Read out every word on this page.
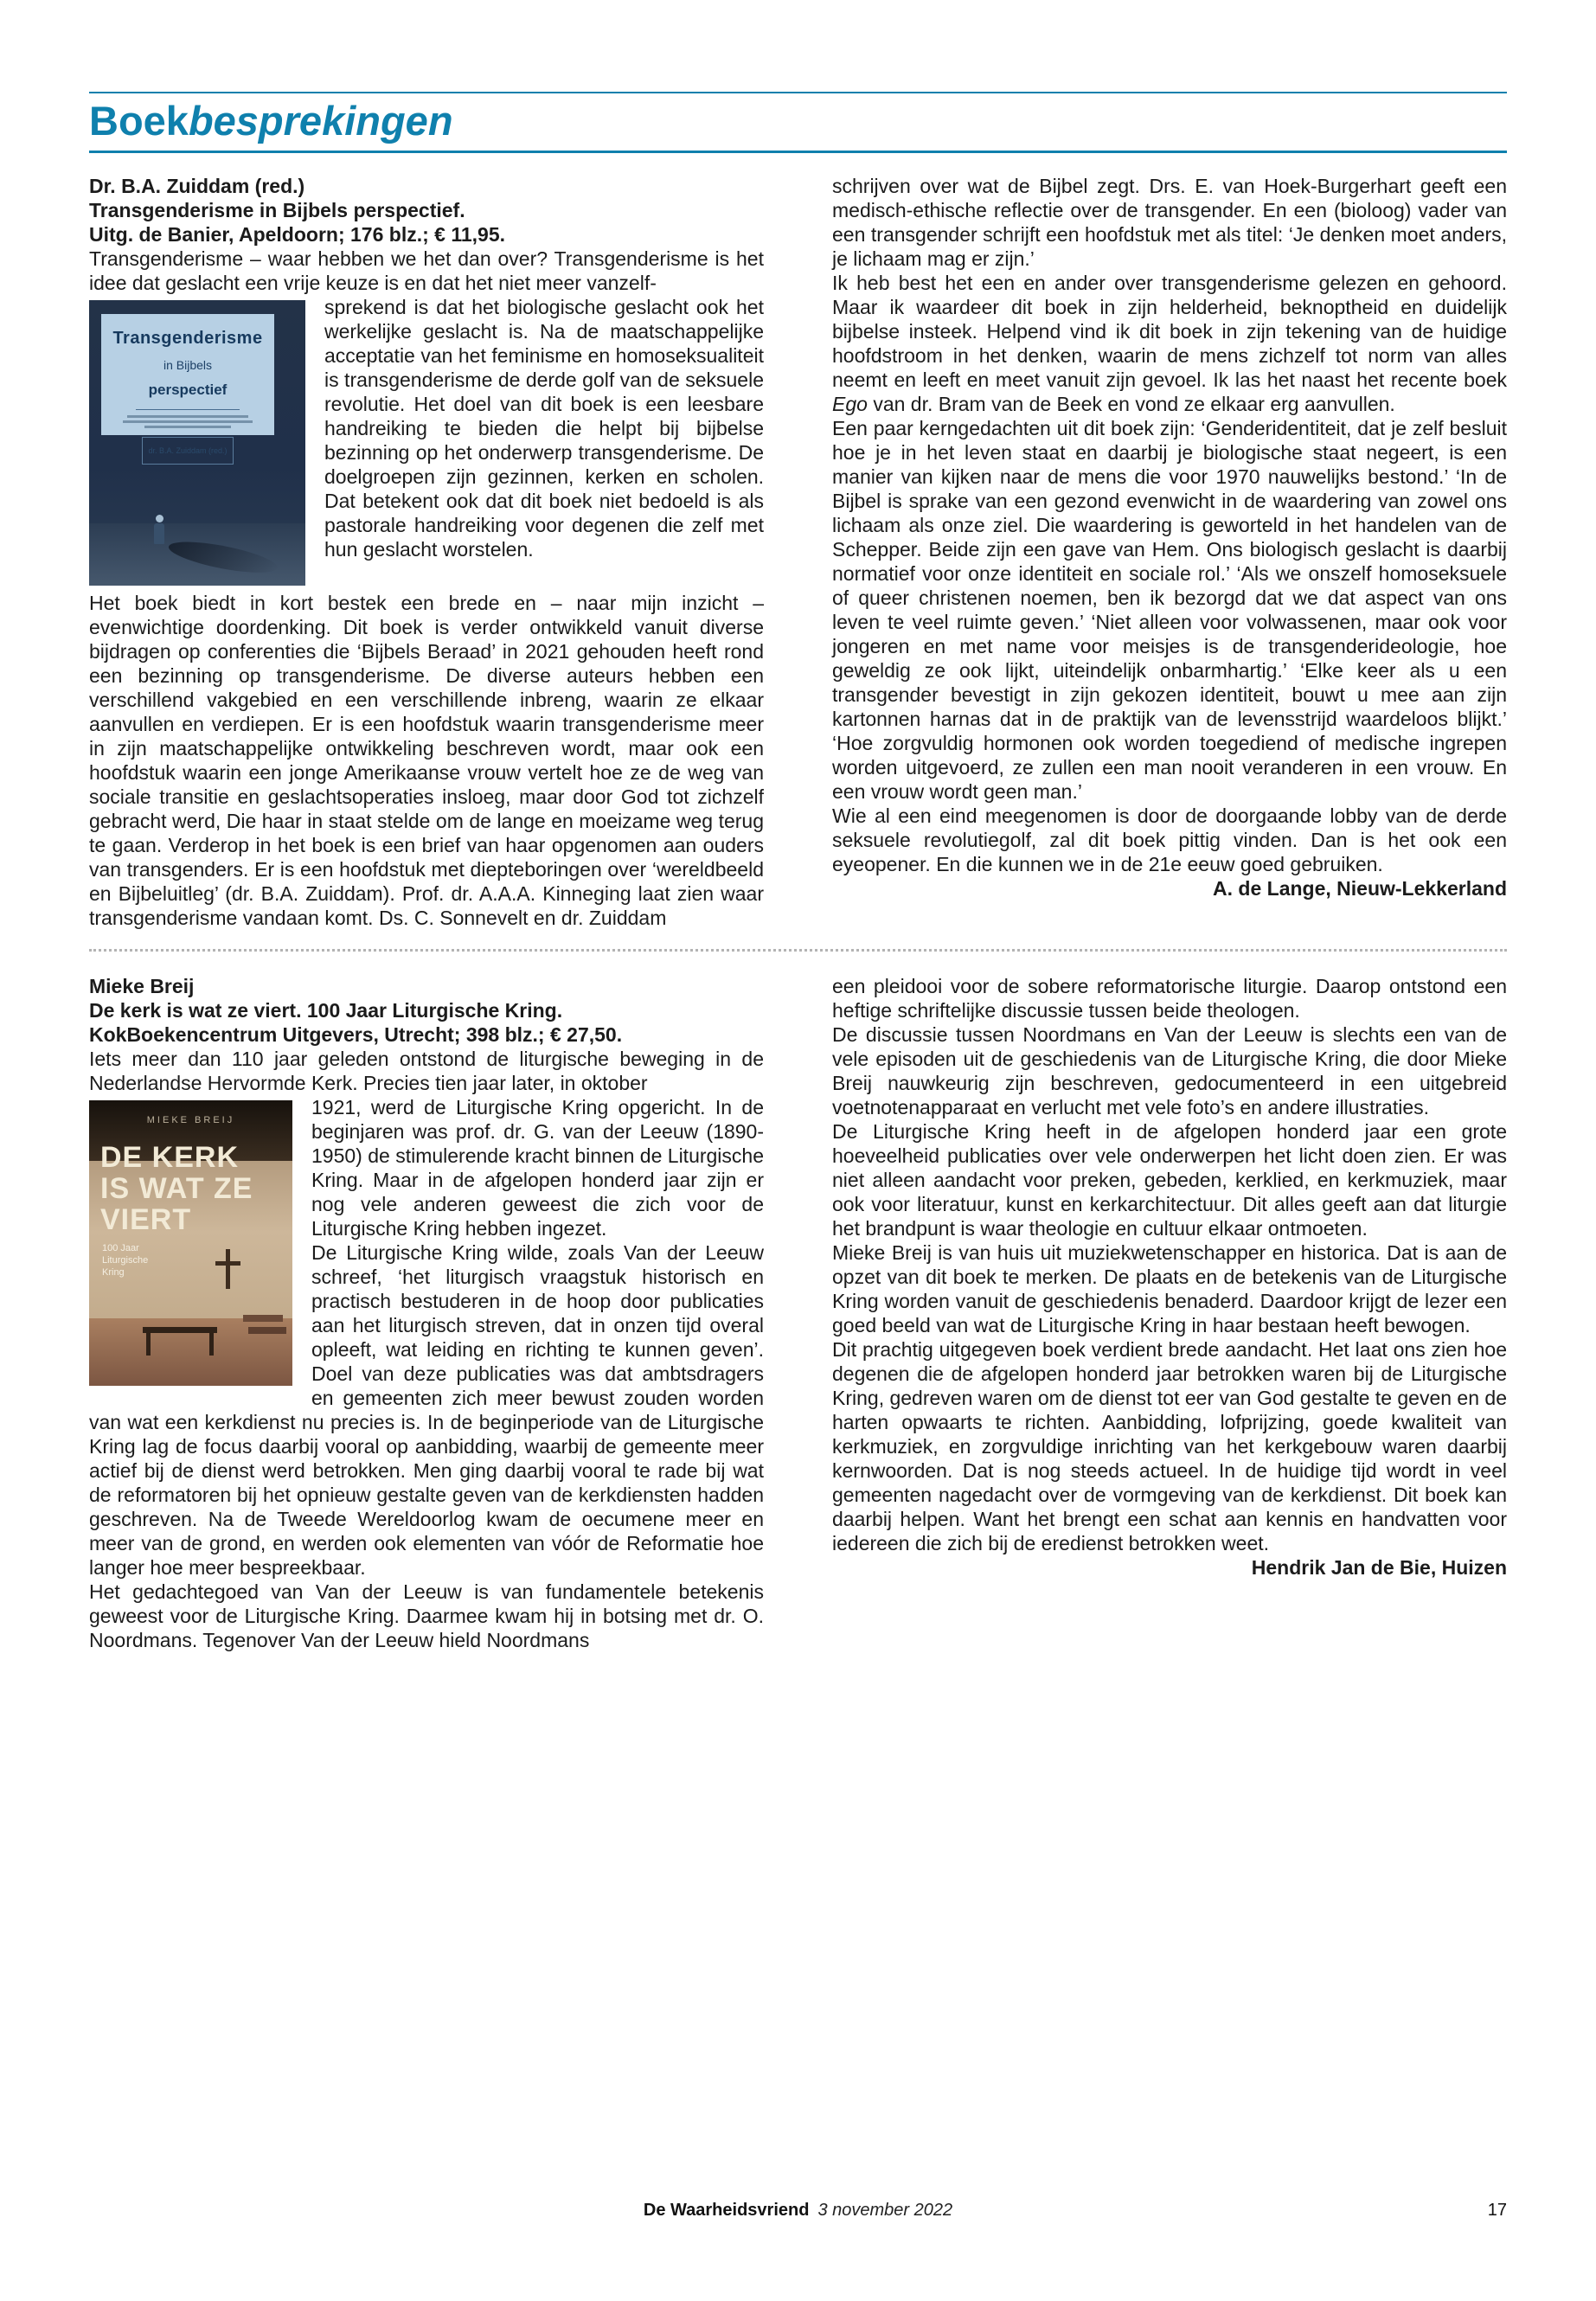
Boekbesprekingen

Dr. B.A. Zuiddam (red.)

Transgenderisme in Bijbels perspectief.

Uitg. de Banier, Apeldoorn; 176 blz.; € 11,95.

Transgenderisme – waar hebben we het dan over? Transgenderisme is het idee dat geslacht een vrije keuze is en dat het niet meer vanzelf-

Transgenderisme
in Bijbels
perspectief
dr. B.A. Zuiddam (red.)

sprekend is dat het biologische geslacht ook het werkelijke geslacht is. Na de maatschappelijke acceptatie van het feminisme en homoseksualiteit is transgenderisme de derde golf van de seksuele revolutie. Het doel van dit boek is een leesbare handreiking te bieden die helpt bij bijbelse bezinning op het onderwerp transgenderisme. De doelgroepen zijn gezinnen, kerken en scholen. Dat betekent ook dat dit boek niet bedoeld is als pastorale handreiking voor degenen die zelf met hun geslacht worstelen.

Het boek biedt in kort bestek een brede en – naar mijn inzicht – evenwichtige doordenking. Dit boek is verder ontwikkeld vanuit diverse bijdragen op conferenties die ‘Bijbels Beraad’ in 2021 gehouden heeft rond een bezinning op transgenderisme. De diverse auteurs hebben een verschillend vakgebied en een verschillende inbreng, waarin ze elkaar aanvullen en verdiepen. Er is een hoofdstuk waarin transgenderisme meer in zijn maatschappelijke ontwikkeling beschreven wordt, maar ook een hoofdstuk waarin een jonge Amerikaanse vrouw vertelt hoe ze de weg van sociale transitie en geslachtsoperaties insloeg, maar door God tot zichzelf gebracht werd, Die haar in staat stelde om de lange en moeizame weg terug te gaan. Verderop in het boek is een brief van haar opgenomen aan ouders van transgenders. Er is een hoofdstuk met diepteboringen over ‘wereldbeeld en Bijbeluitleg’ (dr. B.A. Zuiddam). Prof. dr. A.A.A. Kinneging laat zien waar transgenderisme vandaan komt. Ds. C. Sonnevelt en dr. Zuiddam

schrijven over wat de Bijbel zegt. Drs. E. van Hoek-Burgerhart geeft een medisch-ethische reflectie over de transgender. En een (bioloog) vader van een transgender schrijft een hoofdstuk met als titel: ‘Je denken moet anders, je lichaam mag er zijn.’

Ik heb best het een en ander over transgenderisme gelezen en gehoord. Maar ik waardeer dit boek in zijn helderheid, beknoptheid en duidelijk bijbelse insteek. Helpend vind ik dit boek in zijn tekening van de huidige hoofdstroom in het denken, waarin de mens zichzelf tot norm van alles neemt en leeft en meet vanuit zijn gevoel. Ik las het naast het recente boek Ego van dr. Bram van de Beek en vond ze elkaar erg aanvullen.

Een paar kerngedachten uit dit boek zijn: ‘Genderidentiteit, dat je zelf besluit hoe je in het leven staat en daarbij je biologische staat negeert, is een manier van kijken naar de mens die voor 1970 nauwelijks bestond.’ ‘In de Bijbel is sprake van een gezond evenwicht in de waardering van zowel ons lichaam als onze ziel. Die waardering is geworteld in het handelen van de Schepper. Beide zijn een gave van Hem. Ons biologisch geslacht is daarbij normatief voor onze identiteit en sociale rol.’ ‘Als we onszelf homoseksuele of queer christenen noemen, ben ik bezorgd dat we dat aspect van ons leven te veel ruimte geven.’ ‘Niet alleen voor volwassenen, maar ook voor jongeren en met name voor meisjes is de transgenderideologie, hoe geweldig ze ook lijkt, uiteindelijk onbarmhartig.’ ‘Elke keer als u een transgender bevestigt in zijn gekozen identiteit, bouwt u mee aan zijn kartonnen harnas dat in de praktijk van de levensstrijd waardeloos blijkt.’ ‘Hoe zorgvuldig hormonen ook worden toegediend of medische ingrepen worden uitgevoerd, ze zullen een man nooit veranderen in een vrouw. En een vrouw wordt geen man.’

Wie al een eind meegenomen is door de doorgaande lobby van de derde seksuele revolutiegolf, zal dit boek pittig vinden. Dan is het ook een eyeopener. En die kunnen we in de 21e eeuw goed gebruiken.

A. de Lange, Nieuw-Lekkerland

Mieke Breij

De kerk is wat ze viert. 100 Jaar Liturgische Kring.

KokBoekencentrum Uitgevers, Utrecht; 398 blz.; € 27,50.

Iets meer dan 110 jaar geleden ontstond de liturgische beweging in de Nederlandse Hervormde Kerk. Precies tien jaar later, in oktober

MIEKE BREIJ
DE KERK
IS WAT ZE
VIERT
100 Jaar
Liturgische
Kring

1921, werd de Liturgische Kring opgericht. In de beginjaren was prof. dr. G. van der Leeuw (1890-1950) de stimulerende kracht binnen de Liturgische Kring. Maar in de afgelopen honderd jaar zijn er nog vele anderen geweest die zich voor de Liturgische Kring hebben ingezet.

De Liturgische Kring wilde, zoals Van der Leeuw schreef, ‘het liturgisch vraagstuk historisch en practisch bestuderen in de hoop door publicaties aan het liturgisch streven, dat in onzen tijd overal opleeft, wat leiding en richting te kunnen geven’. Doel van deze publicaties was dat ambtsdragers en gemeenten zich meer bewust zouden worden van wat een kerkdienst nu precies is. In de beginperiode van de Liturgische Kring lag de focus daarbij vooral op aanbidding, waarbij de gemeente meer actief bij de dienst werd betrokken. Men ging daarbij vooral te rade bij wat de reformatoren bij het opnieuw gestalte geven van de kerkdiensten hadden geschreven. Na de Tweede Wereldoorlog kwam de oecumene meer en meer van de grond, en werden ook elementen van vóór de Reformatie hoe langer hoe meer bespreekbaar.

Het gedachtegoed van Van der Leeuw is van fundamentele betekenis geweest voor de Liturgische Kring. Daarmee kwam hij in botsing met dr. O. Noordmans. Tegenover Van der Leeuw hield Noordmans

een pleidooi voor de sobere reformatorische liturgie. Daarop ontstond een heftige schriftelijke discussie tussen beide theologen.

De discussie tussen Noordmans en Van der Leeuw is slechts een van de vele episoden uit de geschiedenis van de Liturgische Kring, die door Mieke Breij nauwkeurig zijn beschreven, gedocumenteerd in een uitgebreid voetnotenapparaat en verlucht met vele foto’s en andere illustraties.

De Liturgische Kring heeft in de afgelopen honderd jaar een grote hoeveelheid publicaties over vele onderwerpen het licht doen zien. Er was niet alleen aandacht voor preken, gebeden, kerklied, en kerkmuziek, maar ook voor literatuur, kunst en kerkarchitectuur. Dit alles geeft aan dat liturgie het brandpunt is waar theologie en cultuur elkaar ontmoeten.

Mieke Breij is van huis uit muziekwetenschapper en historica. Dat is aan de opzet van dit boek te merken. De plaats en de betekenis van de Liturgische Kring worden vanuit de geschiedenis benaderd. Daardoor krijgt de lezer een goed beeld van wat de Liturgische Kring in haar bestaan heeft bewogen.

Dit prachtig uitgegeven boek verdient brede aandacht. Het laat ons zien hoe degenen die de afgelopen honderd jaar betrokken waren bij de Liturgische Kring, gedreven waren om de dienst tot eer van God gestalte te geven en de harten opwaarts te richten. Aanbidding, lofprijzing, goede kwaliteit van kerkmuziek, en zorgvuldige inrichting van het kerkgebouw waren daarbij kernwoorden. Dat is nog steeds actueel. In de huidige tijd wordt in veel gemeenten nagedacht over de vormgeving van de kerkdienst. Dit boek kan daarbij helpen. Want het brengt een schat aan kennis en handvatten voor iedereen die zich bij de eredienst betrokken weet.

Hendrik Jan de Bie, Huizen

De Waarheidsvriend 3 november 2022	17
